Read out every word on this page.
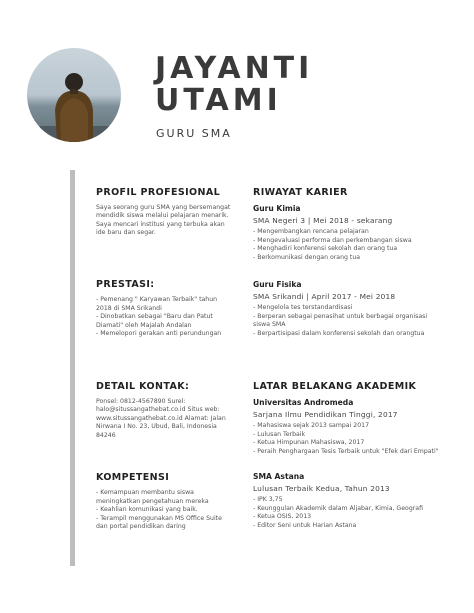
JAYANTI
UTAMI
GURU SMA
PROFIL PROFESIONAL

Saya seorang guru SMA yang bersemangat mendidik siswa melalui pelajaran menarik. Saya mencari institusi yang terbuka akan ide baru dan segar.

PRESTASI:
- Pemenang " Karyawan Terbaik" tahun 2018 di SMA Srikandi
- Dinobatkan sebagai "Baru dan Patut Diamati" oleh Majalah Andalan
- Memelopori gerakan anti perundungan
DETAIL KONTAK:

Ponsel: 0812-4567890 Surel: halo@situssangathebat.co.id Situs web: www.situssangathebat.co.id Alamat: Jalan Nirwana I No. 23, Ubud, Bali, Indonesia 84246

KOMPETENSI
- Kemampuan membantu siswa meningkatkan pengetahuan mereka
- Keahlian komunikasi yang baik.
- Terampil menggunakan MS Office Suite dan portal pendidikan daring
RIWAYAT KARIER
Guru Kimia
SMA Negeri 3 | Mei 2018 - sekarang
- Mengembangkan rencana pelajaran
- Mengevaluasi performa dan perkembangan siswa
- Menghadiri konferensi sekolah dan orang tua
- Berkomunikasi dengan orang tua
Guru Fisika
SMA Srikandi | April 2017 - Mei 2018
- Mengelola tes terstandardisasi
- Berperan sebagai penasihat untuk berbagai organisasi siswa SMA
- Berpartisipasi dalam konferensi sekolah dan orangtua
LATAR BELAKANG AKADEMIK
Universitas Andromeda
Sarjana Ilmu Pendidikan Tinggi, 2017
- Mahasiswa sejak 2013 sampai 2017
- Lulusan Terbaik
- Ketua Himpunan Mahasiswa, 2017
- Peraih Penghargaan Tesis Terbaik untuk "Efek dari Empati"
SMA Astana
Lulusan Terbaik Kedua, Tahun 2013
- IPK 3,75
- Keunggulan Akademik dalam Aljabar, Kimia, Geografi
- Ketua OSIS, 2013
- Editor Seni untuk Harian Astana
